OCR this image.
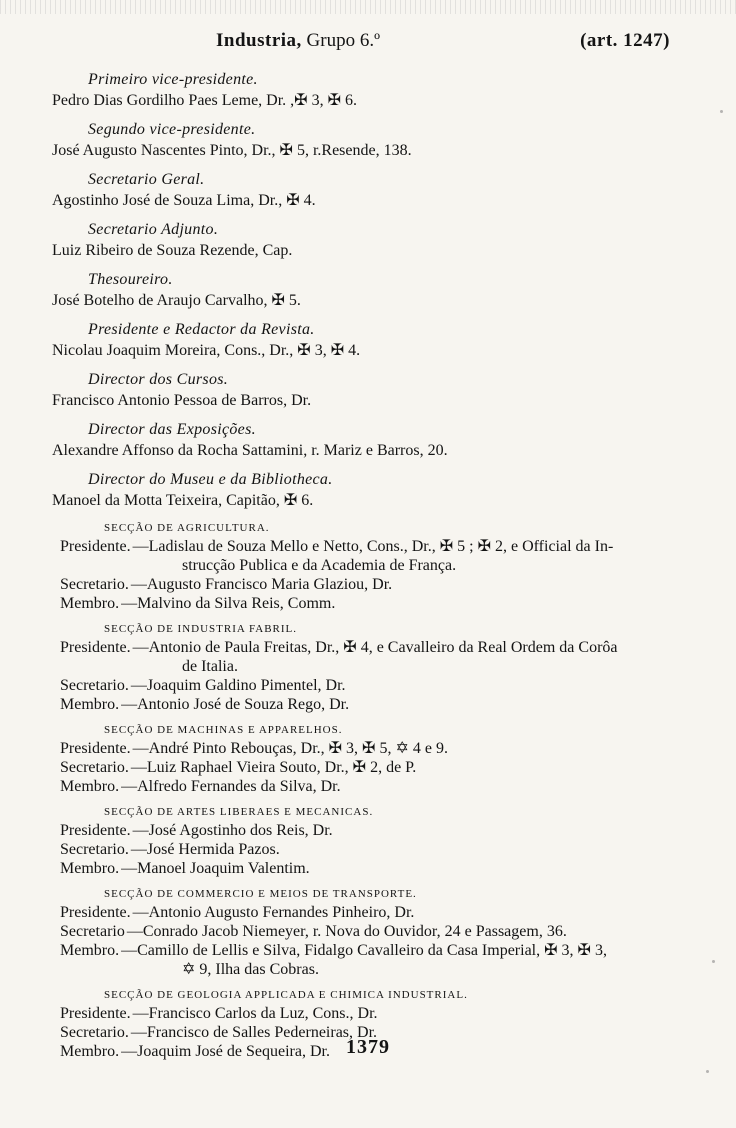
Industria, Grupo 6.º	(art. 1247)
Primeiro vice-presidente.
Pedro Dias Gordilho Paes Leme, Dr. ,✠ 3, ✠ 6.
Segundo vice-presidente.
José Augusto Nascentes Pinto, Dr., ✠ 5, r.Resende, 138.
Secretario Geral.
Agostinho José de Souza Lima, Dr., ✠ 4.
Secretario Adjunto.
Luiz Ribeiro de Souza Rezende, Cap.
Thesoureiro.
José Botelho de Araujo Carvalho, ✠ 5.
Presidente e Redactor da Revista.
Nicolau Joaquim Moreira, Cons., Dr., ✠ 3, ✠ 4.
Director dos Cursos.
Francisco Antonio Pessoa de Barros, Dr.
Director das Exposições.
Alexandre Affonso da Rocha Sattamini, r. Mariz e Barros, 20.
Director do Museu e da Bibliotheca.
Manoel da Motta Teixeira, Capitão, ✠ 6.
SECÇÃO DE AGRICULTURA.
Presidente. —Ladislau de Souza Mello e Netto, Cons., Dr., ✠ 5 ; ✠ 2, e Official da In-
strucção Publica e da Academia de França.
Secretario. —Augusto Francisco Maria Glaziou, Dr.
Membro. —Malvino da Silva Reis, Comm.
SECÇÃO DE INDUSTRIA FABRIL.
Presidente. —Antonio de Paula Freitas, Dr., ✠ 4, e Cavalleiro da Real Ordem da Corôa
de Italia.
Secretario. —Joaquim Galdino Pimentel, Dr.
Membro. —Antonio José de Souza Rego, Dr.
SECÇÃO DE MACHINAS E APPARELHOS.
Presidente. —André Pinto Rebouças, Dr., ✠ 3, ✠ 5, ✡ 4 e 9.
Secretario. —Luiz Raphael Vieira Souto, Dr., ✠ 2, de P.
Membro. —Alfredo Fernandes da Silva, Dr.
SECÇÃO DE ARTES LIBERAES E MECANICAS.
Presidente. —José Agostinho dos Reis, Dr.
Secretario. —José Hermida Pazos.
Membro. —Manoel Joaquim Valentim.
SECÇÃO DE COMMERCIO E MEIOS DE TRANSPORTE.
Presidente. —Antonio Augusto Fernandes Pinheiro, Dr.
Secretario —Conrado Jacob Niemeyer, r. Nova do Ouvidor, 24 e Passagem, 36.
Membro. —Camillo de Lellis e Silva, Fidalgo Cavalleiro da Casa Imperial, ✠ 3, ✠ 3,
✡ 9, Ilha das Cobras.
SECÇÃO DE GEOLOGIA APPLICADA E CHIMICA INDUSTRIAL.
Presidente. —Francisco Carlos da Luz, Cons., Dr.
Secretario. —Francisco de Salles Pederneiras, Dr.
Membro. —Joaquim José de Sequeira, Dr. 1379
